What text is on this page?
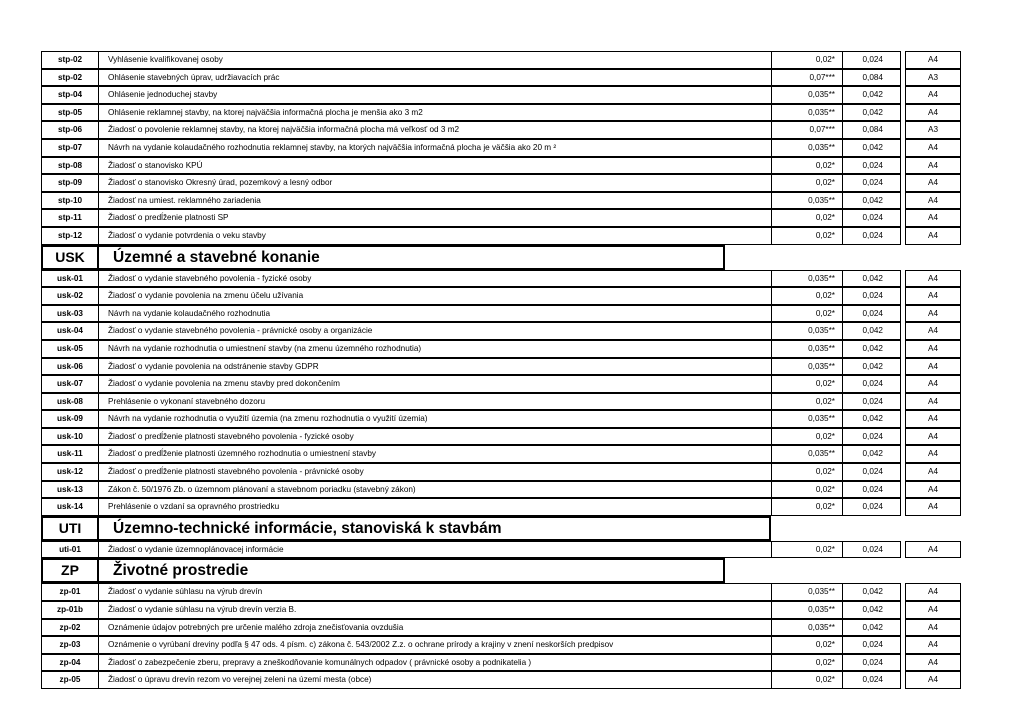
stp-02	Vyhlásenie kvalifikovanej osoby	0,02*	0,024	A4
stp-02	Ohlásenie stavebných úprav, udržiavacích prác	0,07***	0,084	A3
stp-04	Ohlásenie jednoduchej stavby	0,035**	0,042	A4
stp-05	Ohlásenie reklamnej stavby, na ktorej najväčšia informačná plocha je menšia ako 3 m2	0,035**	0,042	A4
stp-06	Žiadosť o povolenie reklamnej stavby, na ktorej najväčšia informačná plocha má veľkosť od 3 m2	0,07***	0,084	A3
stp-07	Návrh na vydanie kolaudačného rozhodnutia reklamnej stavby, na ktorých najväčšia informačná plocha je väčšia ako 20 m ²	0,035**	0,042	A4
stp-08	Žiadosť o stanovisko KPÚ	0,02*	0,024	A4
stp-09	Žiadosť o stanovisko Okresný úrad, pozemkový a lesný odbor	0,02*	0,024	A4
stp-10	Žiadosť na umiest. reklamného zariadenia	0,035**	0,042	A4
stp-11	Žiadosť o predĺženie platnosti SP	0,02*	0,024	A4
stp-12	Žiadosť o vydanie potvrdenia o veku stavby	0,02*	0,024	A4
USK	Územné a stavebné konanie
usk-01	Žiadosť o vydanie stavebného povolenia - fyzické osoby	0,035**	0,042	A4
usk-02	Žiadosť o vydanie povolenia na zmenu účelu užívania	0,02*	0,024	A4
usk-03	Návrh na vydanie kolaudačného rozhodnutia	0,02*	0,024	A4
usk-04	Žiadosť o vydanie stavebného povolenia - právnické osoby a organizácie	0,035**	0,042	A4
usk-05	Návrh na vydanie rozhodnutia o umiestnení stavby (na zmenu územného rozhodnutia)	0,035**	0,042	A4
usk-06	Žiadosť o vydanie povolenia na odstránenie stavby GDPR	0,035**	0,042	A4
usk-07	Žiadosť o vydanie povolenia na zmenu stavby pred dokončením	0,02*	0,024	A4
usk-08	Prehlásenie o vykonaní stavebného dozoru	0,02*	0,024	A4
usk-09	Návrh na vydanie rozhodnutia o využití územia (na zmenu rozhodnutia o využití územia)	0,035**	0,042	A4
usk-10	Žiadosť o predĺženie platnosti stavebného povolenia - fyzické osoby	0,02*	0,024	A4
usk-11	Žiadosť o predĺženie platnosti územného rozhodnutia o umiestnení stavby	0,035**	0,042	A4
usk-12	Žiadosť o predĺženie platnosti stavebného povolenia - právnické osoby	0,02*	0,024	A4
usk-13	Zákon č. 50/1976 Zb. o územnom plánovaní a stavebnom poriadku (stavebný zákon)	0,02*	0,024	A4
usk-14	Prehlásenie o vzdaní sa opravného prostriedku	0,02*	0,024	A4
UTI	Územno-technické informácie, stanoviská k stavbám
uti-01	Žiadosť o vydanie územnoplánovacej informácie	0,02*	0,024	A4
ZP	Životné prostredie
zp-01	Žiadosť o vydanie súhlasu na výrub drevín	0,035**	0,042	A4
zp-01b	Žiadosť o vydanie súhlasu na výrub drevín verzia B.	0,035**	0,042	A4
zp-02	Oznámenie údajov potrebných pre určenie malého zdroja znečisťovania ovzdušia	0,035**	0,042	A4
zp-03	Oznámenie o vyrúbaní dreviny podľa § 47 ods. 4 písm. c) zákona č. 543/2002 Z.z. o ochrane prírody a krajiny v znení neskorších predpisov	0,02*	0,024	A4
zp-04	Žiadosť o zabezpečenie zberu, prepravy a zneškodňovanie komunálnych odpadov ( právnické osoby a podnikatelia )	0,02*	0,024	A4
zp-05	Žiadosť o úpravu drevín rezom vo verejnej zeleni na území mesta (obce)	0,02*	0,024	A4
